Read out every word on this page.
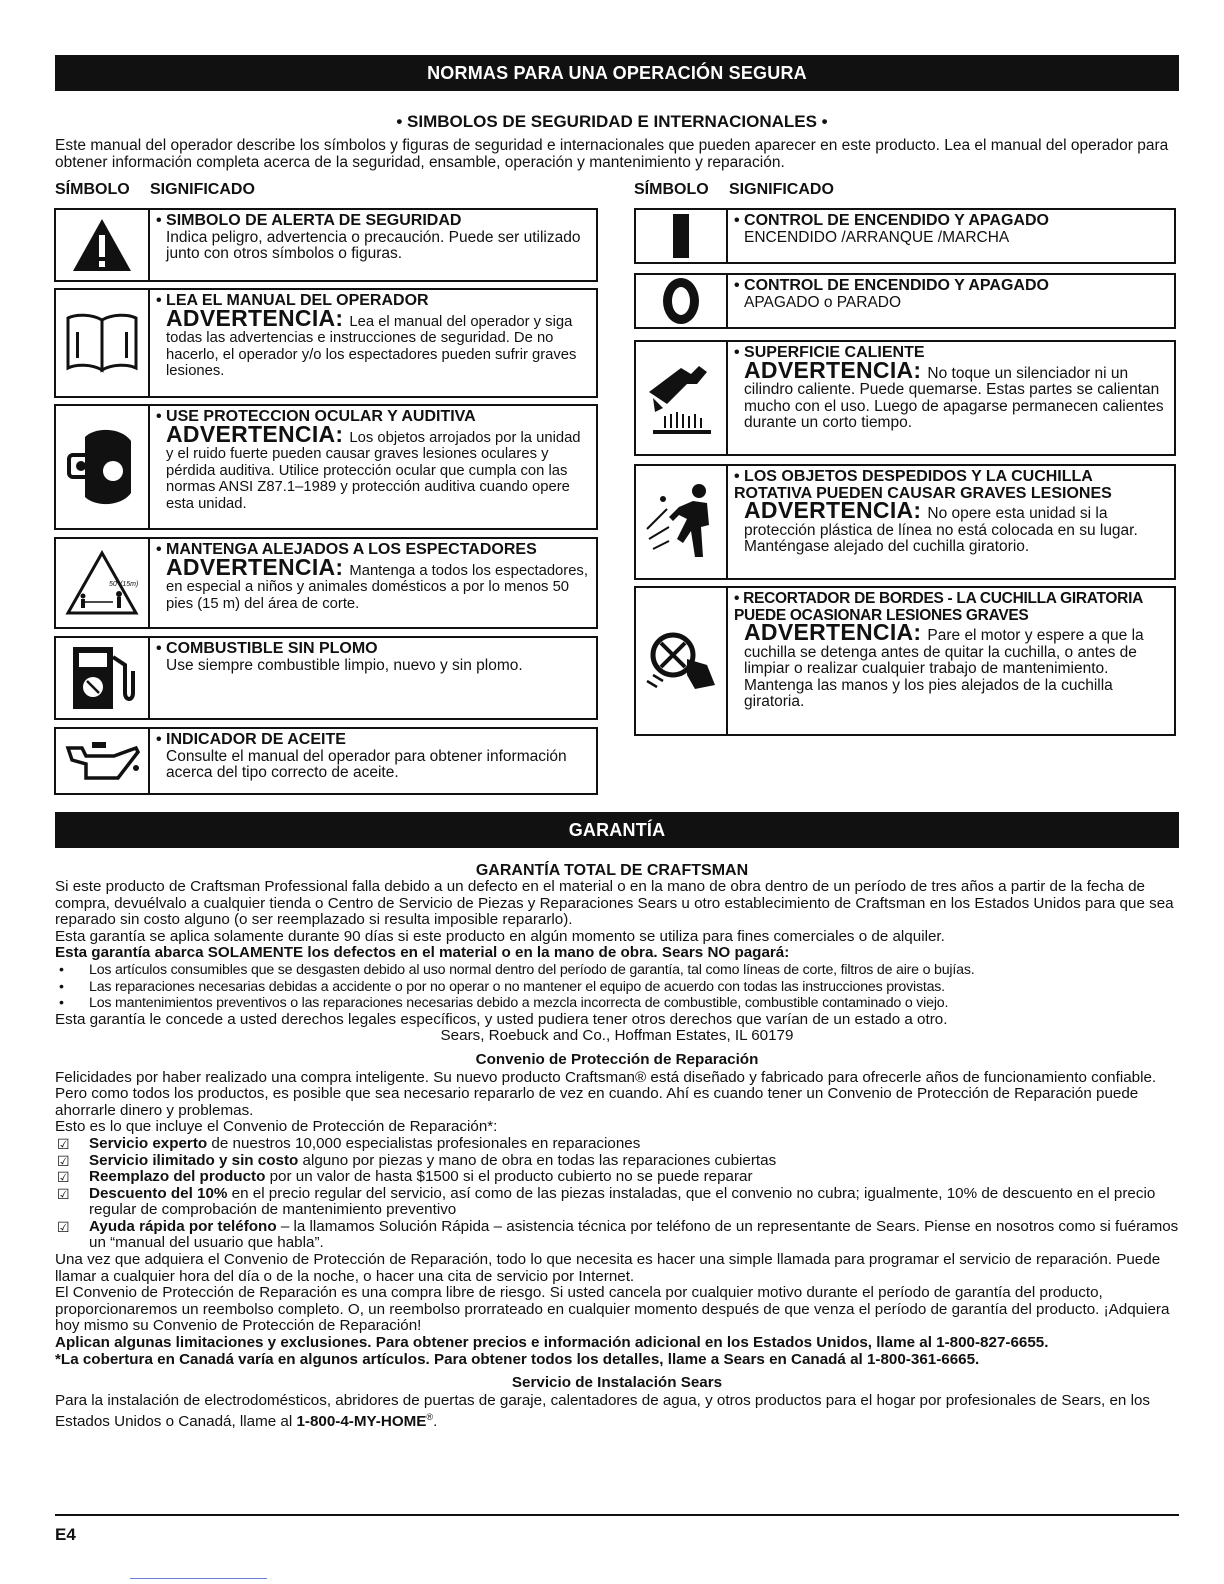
NORMAS PARA UNA OPERACIÓN SEGURA
• SIMBOLOS DE SEGURIDAD E INTERNACIONALES •
Este manual del operador describe los símbolos y figuras de seguridad e internacionales que pueden aparecer en este producto. Lea el manual del operador para obtener información completa acerca de la seguridad, ensamble, operación y mantenimiento y reparación.
SÍMBOLO	SIGNIFICADO	SÍMBOLO	SIGNIFICADO
• SIMBOLO DE ALERTA DE SEGURIDAD
Indica peligro, advertencia o precaución. Puede ser utilizado junto con otros símbolos o figuras.
• LEA EL MANUAL DEL OPERADOR
ADVERTENCIA: Lea el manual del operador y siga todas las advertencias e instrucciones de seguridad. De no hacerlo, el operador y/o los espectadores pueden sufrir graves lesiones.
• USE PROTECCION OCULAR Y AUDITIVA
ADVERTENCIA: Los objetos arrojados por la unidad y el ruido fuerte pueden causar graves lesiones oculares y pérdida auditiva. Utilice protección ocular que cumpla con las normas ANSI Z87.1–1989 y protección auditiva cuando opere esta unidad.
50' (15m)
• MANTENGA ALEJADOS A LOS ESPECTADORES
ADVERTENCIA: Mantenga a todos los espectadores, en especial a niños y animales domésticos a por lo menos 50 pies (15 m) del área de corte.
• COMBUSTIBLE SIN PLOMO
Use siempre combustible limpio, nuevo y sin plomo.
• INDICADOR DE ACEITE
Consulte el manual del operador para obtener información acerca del tipo correcto de aceite.
• CONTROL DE ENCENDIDO Y APAGADO
ENCENDIDO /ARRANQUE /MARCHA
• CONTROL DE ENCENDIDO Y APAGADO
APAGADO o PARADO
• SUPERFICIE CALIENTE
ADVERTENCIA: No toque un silenciador ni un cilindro caliente. Puede quemarse. Estas partes se calientan mucho con el uso. Luego de apagarse permanecen calientes durante un corto tiempo.
• LOS OBJETOS DESPEDIDOS Y LA CUCHILLA ROTATIVA PUEDEN CAUSAR GRAVES LESIONES
ADVERTENCIA: No opere esta unidad si la protección plástica de línea no está colocada en su lugar. Manténgase alejado del cuchilla giratorio.
• RECORTADOR DE BORDES - LA CUCHILLA GIRATORIA PUEDE OCASIONAR LESIONES GRAVES
ADVERTENCIA: Pare el motor y espere a que la cuchilla se detenga antes de quitar la cuchilla, o antes de limpiar o realizar cualquier trabajo de mantenimiento. Mantenga las manos y los pies alejados de la cuchilla giratoria.
GARANTÍA
GARANTÍA TOTAL DE CRAFTSMAN

Si este producto de Craftsman Professional falla debido a un defecto en el material o en la mano de obra dentro de un período de tres años a partir de la fecha de compra, devuélvalo a cualquier tienda o Centro de Servicio de Piezas y Reparaciones Sears u otro establecimiento de Craftsman en los Estados Unidos para que sea reparado sin costo alguno (o ser reemplazado si resulta imposible repararlo).

Esta garantía se aplica solamente durante 90 días si este producto en algún momento se utiliza para fines comerciales o de alquiler.

Esta garantía abarca SOLAMENTE los defectos en el material o en la mano de obra. Sears NO pagará:

•	Los artículos consumibles que se desgasten debido al uso normal dentro del período de garantía, tal como líneas de corte, filtros de aire o bujías.
•	Las reparaciones necesarias debidas a accidente o por no operar o no mantener el equipo de acuerdo con todas las instrucciones provistas.
•	Los mantenimientos preventivos o las reparaciones necesarias debido a mezcla incorrecta de combustible, combustible contaminado o viejo.

Esta garantía le concede a usted derechos legales específicos, y usted pudiera tener otros derechos que varían de un estado a otro.

Sears, Roebuck and Co., Hoffman Estates, IL 60179

Convenio de Protección de Reparación

Felicidades por haber realizado una compra inteligente. Su nuevo producto Craftsman® está diseñado y fabricado para ofrecerle años de funcionamiento confiable. Pero como todos los productos, es posible que sea necesario repararlo de vez en cuando. Ahí es cuando tener un Convenio de Protección de Reparación puede ahorrarle dinero y problemas.

Esto es lo que incluye el Convenio de Protección de Reparación*:

☑	Servicio experto de nuestros 10,000 especialistas profesionales en reparaciones
☑	Servicio ilimitado y sin costo alguno por piezas y mano de obra en todas las reparaciones cubiertas
☑	Reemplazo del producto por un valor de hasta $1500 si el producto cubierto no se puede reparar
☑	Descuento del 10% en el precio regular del servicio, así como de las piezas instaladas, que el convenio no cubra; igualmente, 10% de descuento en el precio regular de comprobación de mantenimiento preventivo
☑	Ayuda rápida por teléfono – la llamamos Solución Rápida – asistencia técnica por teléfono de un representante de Sears. Piense en nosotros como si fuéramos un “manual del usuario que habla”.

Una vez que adquiera el Convenio de Protección de Reparación, todo lo que necesita es hacer una simple llamada para programar el servicio de reparación. Puede llamar a cualquier hora del día o de la noche, o hacer una cita de servicio por Internet.

El Convenio de Protección de Reparación es una compra libre de riesgo. Si usted cancela por cualquier motivo durante el período de garantía del producto, proporcionaremos un reembolso completo. O, un reembolso prorrateado en cualquier momento después de que venza el período de garantía del producto. ¡Adquiera hoy mismo su Convenio de Protección de Reparación!

Aplican algunas limitaciones y exclusiones. Para obtener precios e información adicional en los Estados Unidos, llame al 1-800-827-6655.

*La cobertura en Canadá varía en algunos artículos. Para obtener todos los detalles, llame a Sears en Canadá al 1-800-361-6665.

Servicio de Instalación Sears

Para la instalación de electrodomésticos, abridores de puertas de garaje, calentadores de agua, y otros productos para el hogar por profesionales de Sears, en los Estados Unidos o Canadá, llame al 1-800-4-MY-HOME®.

E4
